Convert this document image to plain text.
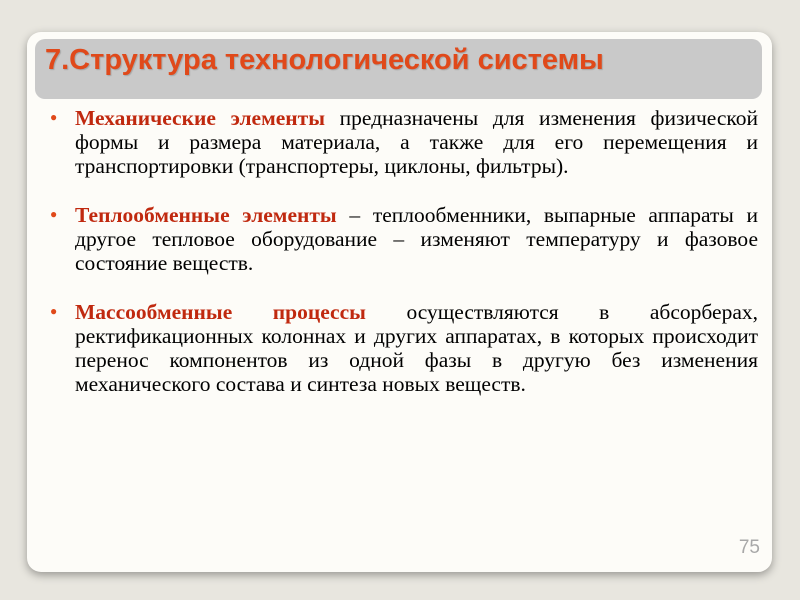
7.Структура технологической системы

● Механические элементы предназначены для изменения физической формы и размера материала, а также для его перемещения и транспортировки (транспортеры, циклоны, фильтры).

● Теплообменные элементы – теплообменники, выпарные аппараты и другое тепловое оборудование – изменяют температуру и фазовое состояние веществ.

● Массообменные процессы осуществляются в абсорберах, ректификационных колоннах и других аппаратах, в которых происходит перенос компонентов из одной фазы в другую без изменения механического состава и синтеза новых веществ.

75
